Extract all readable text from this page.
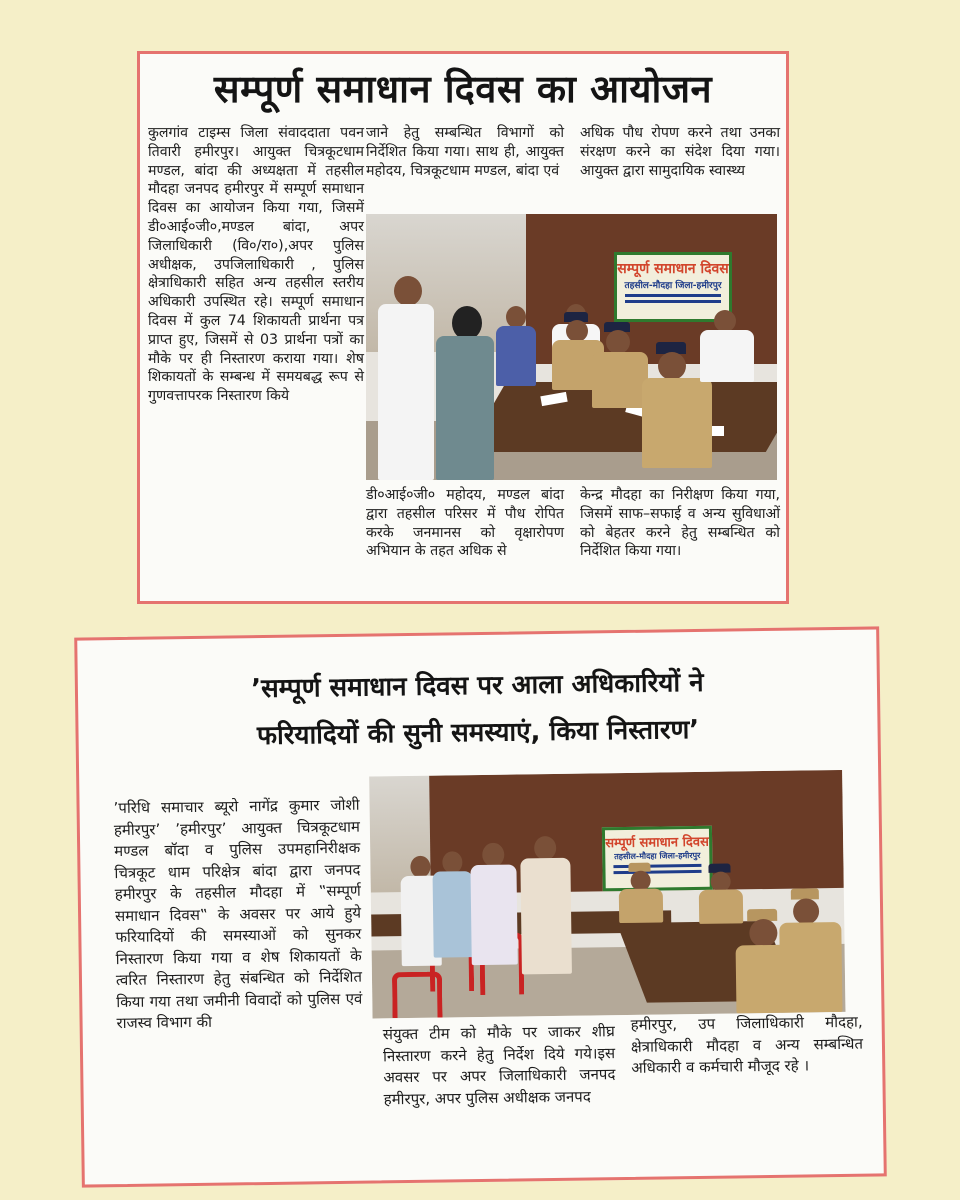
सम्पूर्ण समाधान दिवस का आयोजन

कुलगांव टाइम्स जिला संवाददाता पवन तिवारी हमीरपुर। आयुक्त चित्रकूटधाम मण्डल, बांदा की अध्यक्षता में तहसील मौदहा जनपद हमीरपुर में सम्पूर्ण समाधान दिवस का आयोजन किया गया, जिसमें डी०आई०जी०,मण्डल बांदा, अपर जिलाधिकारी (वि०/रा०),अपर पुलिस अधीक्षक, उपजिलाधिकारी , पुलिस क्षेत्राधिकारी सहित अन्य तहसील स्तरीय अधिकारी उपस्थित रहे। सम्पूर्ण समाधान दिवस में कुल 74 शिकायती प्रार्थना पत्र प्राप्त हुए, जिसमें से 03 प्रार्थना पत्रों का मौके पर ही निस्तारण कराया गया। शेष शिकायतों के सम्बन्ध में समयबद्ध रूप से गुणवत्तापरक निस्तारण किये

जाने हेतु सम्बन्धित विभागों को निर्देशित किया गया। साथ ही, आयुक्त महोदय, चित्रकूटधाम मण्डल, बांदा एवं

अधिक पौध रोपण करने तथा उनका संरक्षण करने का संदेश दिया गया। आयुक्त द्वारा सामुदायिक स्वास्थ्य

सम्पूर्ण समाधान दिवस
तहसील-मौदहा जिला-हमीरपुर

डी०आई०जी० महोदय, मण्डल बांदा द्वारा तहसील परिसर में पौध रोपित करके जनमानस को वृक्षारोपण अभियान के तहत अधिक से

केन्द्र मौदहा का निरीक्षण किया गया, जिसमें साफ–सफाई व अन्य सुविधाओं को बेहतर करने हेतु सम्बन्धित को निर्देशित किया गया।

’सम्पूर्ण समाधान दिवस पर आला अधिकारियों ने
फरियादियों की सुनी समस्याएं, किया निस्तारण’

’परिधि समाचार ब्यूरो नागेंद्र कुमार जोशी हमीरपुर’ ’हमीरपुर’ आयुक्त चित्रकूटधाम मण्डल बॉदा व पुलिस उपमहानिरीक्षक चित्रकूट धाम परिक्षेत्र बांदा द्वारा जनपद हमीरपुर के तहसील मौदहा में ‟सम्पूर्ण समाधान दिवस‟ के अवसर पर आये हुये फरियादियों की समस्याओं को सुनकर निस्तारण किया गया व शेष शिकायतों के त्वरित निस्तारण हेतु संबन्धित को निर्देशित किया गया तथा जमीनी विवादों को पुलिस एवं राजस्व विभाग की

सम्पूर्ण समाधान दिवस
तहसील-मौदहा जिला-हमीरपुर

संयुक्त टीम को मौके पर जाकर शीघ्र निस्तारण करने हेतु निर्देश दिये गये।इस अवसर पर अपर जिलाधिकारी जनपद हमीरपुर, अपर पुलिस अधीक्षक जनपद

हमीरपुर, उप जिलाधिकारी मौदहा, क्षेत्राधिकारी मौदहा व अन्य सम्बन्धित अधिकारी व कर्मचारी मौजूद रहे ।
